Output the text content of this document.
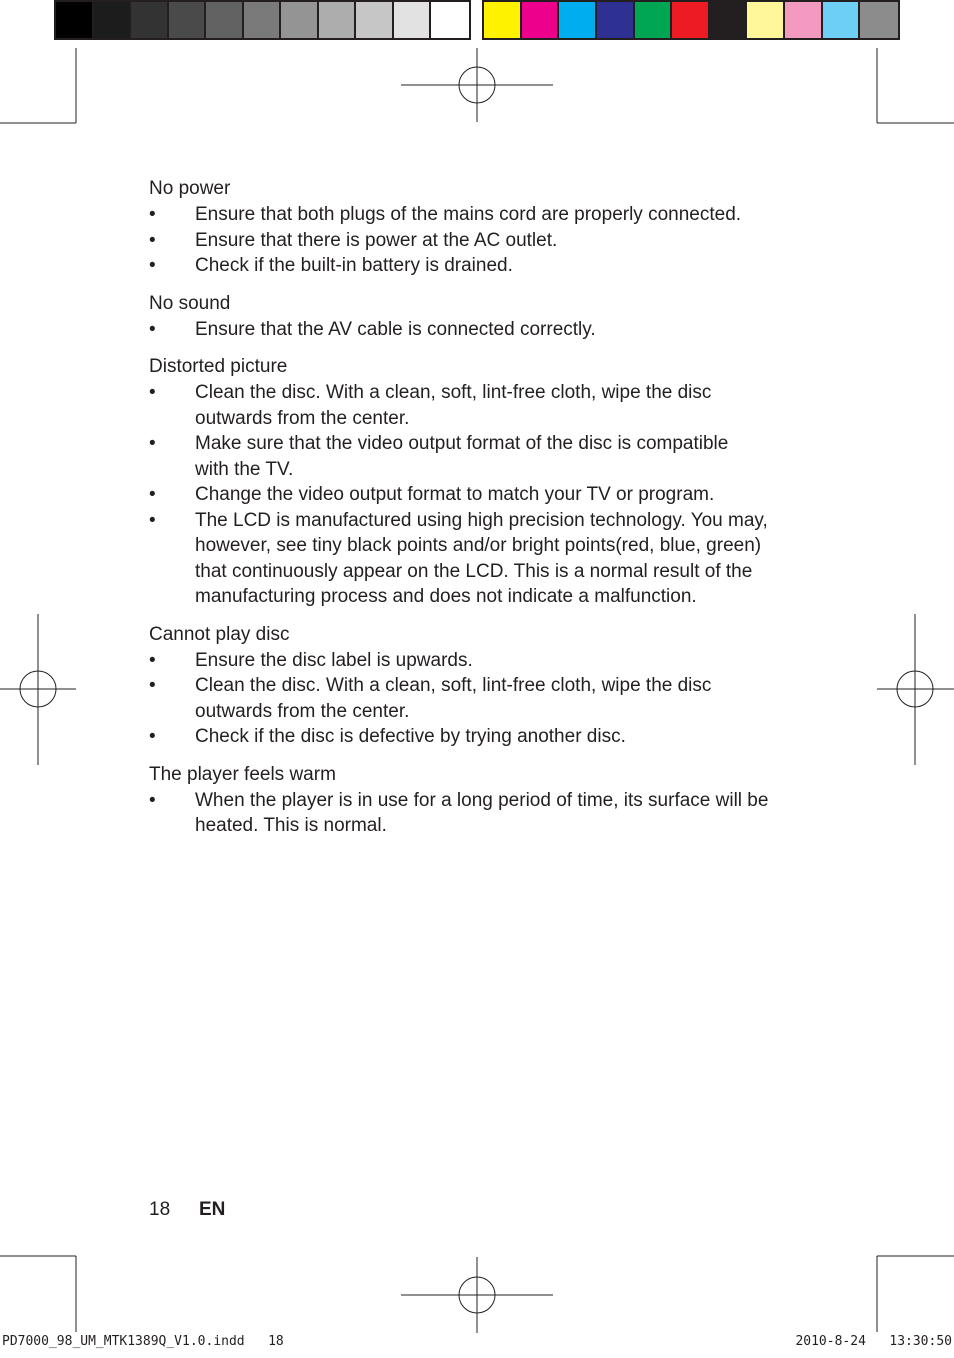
No power
• Ensure that both plugs of the mains cord are properly connected.
• Ensure that there is power at the AC outlet.
• Check if the built-in battery is drained.
No sound
• Ensure that the AV cable is connected correctly.
Distorted picture
• Clean the disc. With a clean, soft, lint-free cloth, wipe the disc
outwards from the center.
• Make sure that the video output format of the disc is compatible
with the TV.
• Change the video output format to match your TV or program.
• The LCD is manufactured using high precision technology. You may,
however, see tiny black points and/or bright points(red, blue, green)
that continuously appear on the LCD. This is a normal result of the
manufacturing process and does not indicate a malfunction.
Cannot play disc
• Ensure the disc label is upwards.
• Clean the disc. With a clean, soft, lint-free cloth, wipe the disc
outwards from the center.
• Check if the disc is defective by trying another disc.
The player feels warm
• When the player is in use for a long period of time, its surface will be
heated. This is normal.
18 EN
PD7000_98_UM_MTK1389Q_V1.0.indd   18	2010-8-24   13:30:50
